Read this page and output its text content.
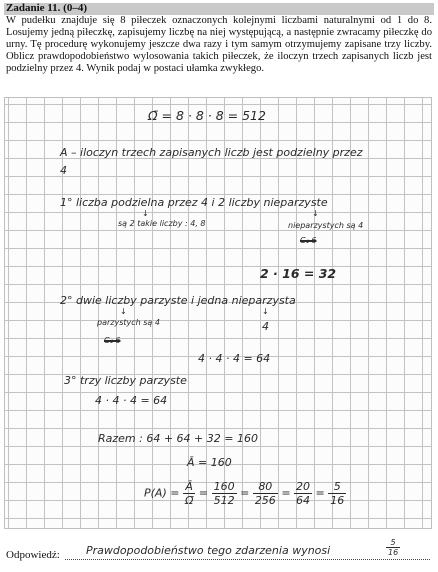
Zadanie 11. (0–4)

W pudełku znajduje się 8 piłeczek oznaczonych kolejnymi liczbami naturalnymi od 1 do 8. Losujemy jedną piłeczkę, zapisujemy liczbę na niej występującą, a następnie zwracamy piłeczkę do urny. Tę procedurę wykonujemy jeszcze dwa razy i tym samym otrzymujemy zapisane trzy liczby. Oblicz prawdopodobieństwo wylosowania takich piłeczek, że iloczyn trzech zapisanych liczb jest podzielny przez 4. Wynik podaj w postaci ułamka zwykłego.

Ω̄ = 8 · 8 · 8 = 512
A – iloczyn trzech zapisanych liczb jest podzielny przez
4
1° liczba podzielna przez 4 i 2 liczby nieparzyste
↓
są 2 takie liczby : 4, 8
↓
nieparzystych są 4
C₄ 6
2 · 16 = 32
2° dwie liczby parzyste i jedna nieparzysta
↓
parzystych są 4
↓
4
C₄ 6
4 · 4 · 4 = 64
3° trzy liczby parzyste
4 · 4 · 4 = 64
Razem : 64 + 64 + 32 = 160
Ā = 160
$P(A) = \frac{Ā}{\Omegā} = \frac{160}{512} = \frac{80}{256} = \frac{20}{64} = \frac{5}{16}$
Odpowiedź: Prawdopodobieństwo tego zdarzenia wynosi	$\frac{5}{16}$
